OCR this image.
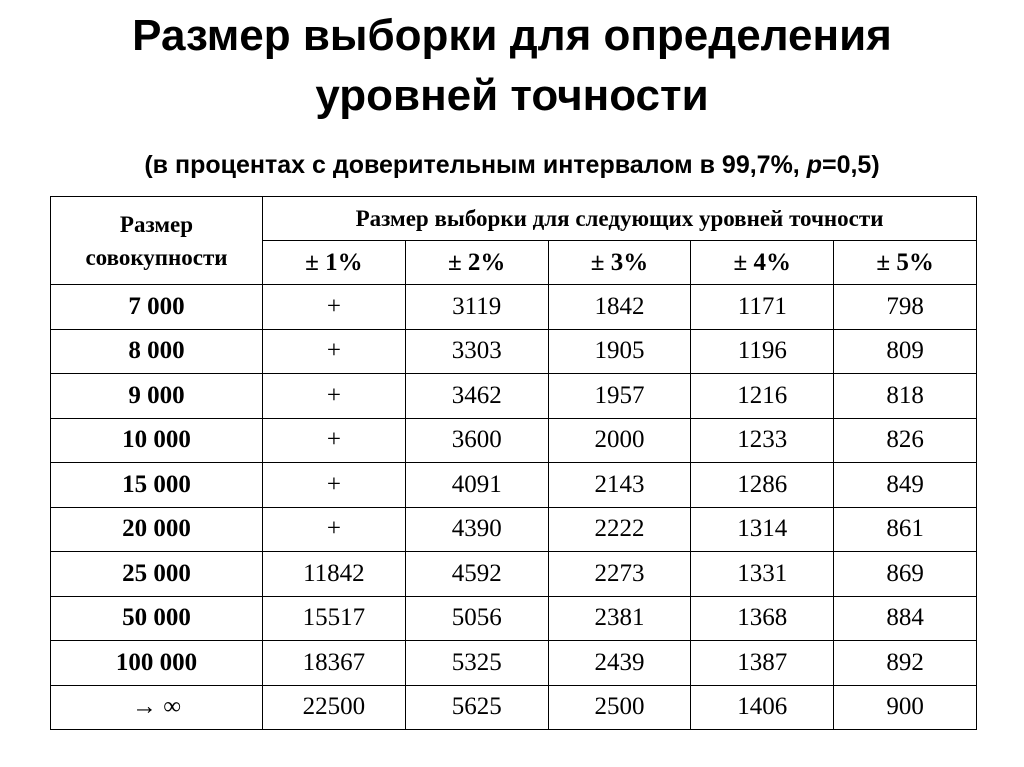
Размер выборки для определения
уровней точности
(в процентах с доверительным интервалом в 99,7%, p=0,5)
Размер
совокупности	Размер выборки для следующих уровней точности				
	± 1%	± 2%	± 3%	± 4%	± 5%
7 000	+	3119	1842	1171	798
8 000	+	3303	1905	1196	809
9 000	+	3462	1957	1216	818
10 000	+	3600	2000	1233	826
15 000	+	4091	2143	1286	849
20 000	+	4390	2222	1314	861
25 000	11842	4592	2273	1331	869
50 000	15517	5056	2381	1368	884
100 000	18367	5325	2439	1387	892
→ ∞	22500	5625	2500	1406	900
